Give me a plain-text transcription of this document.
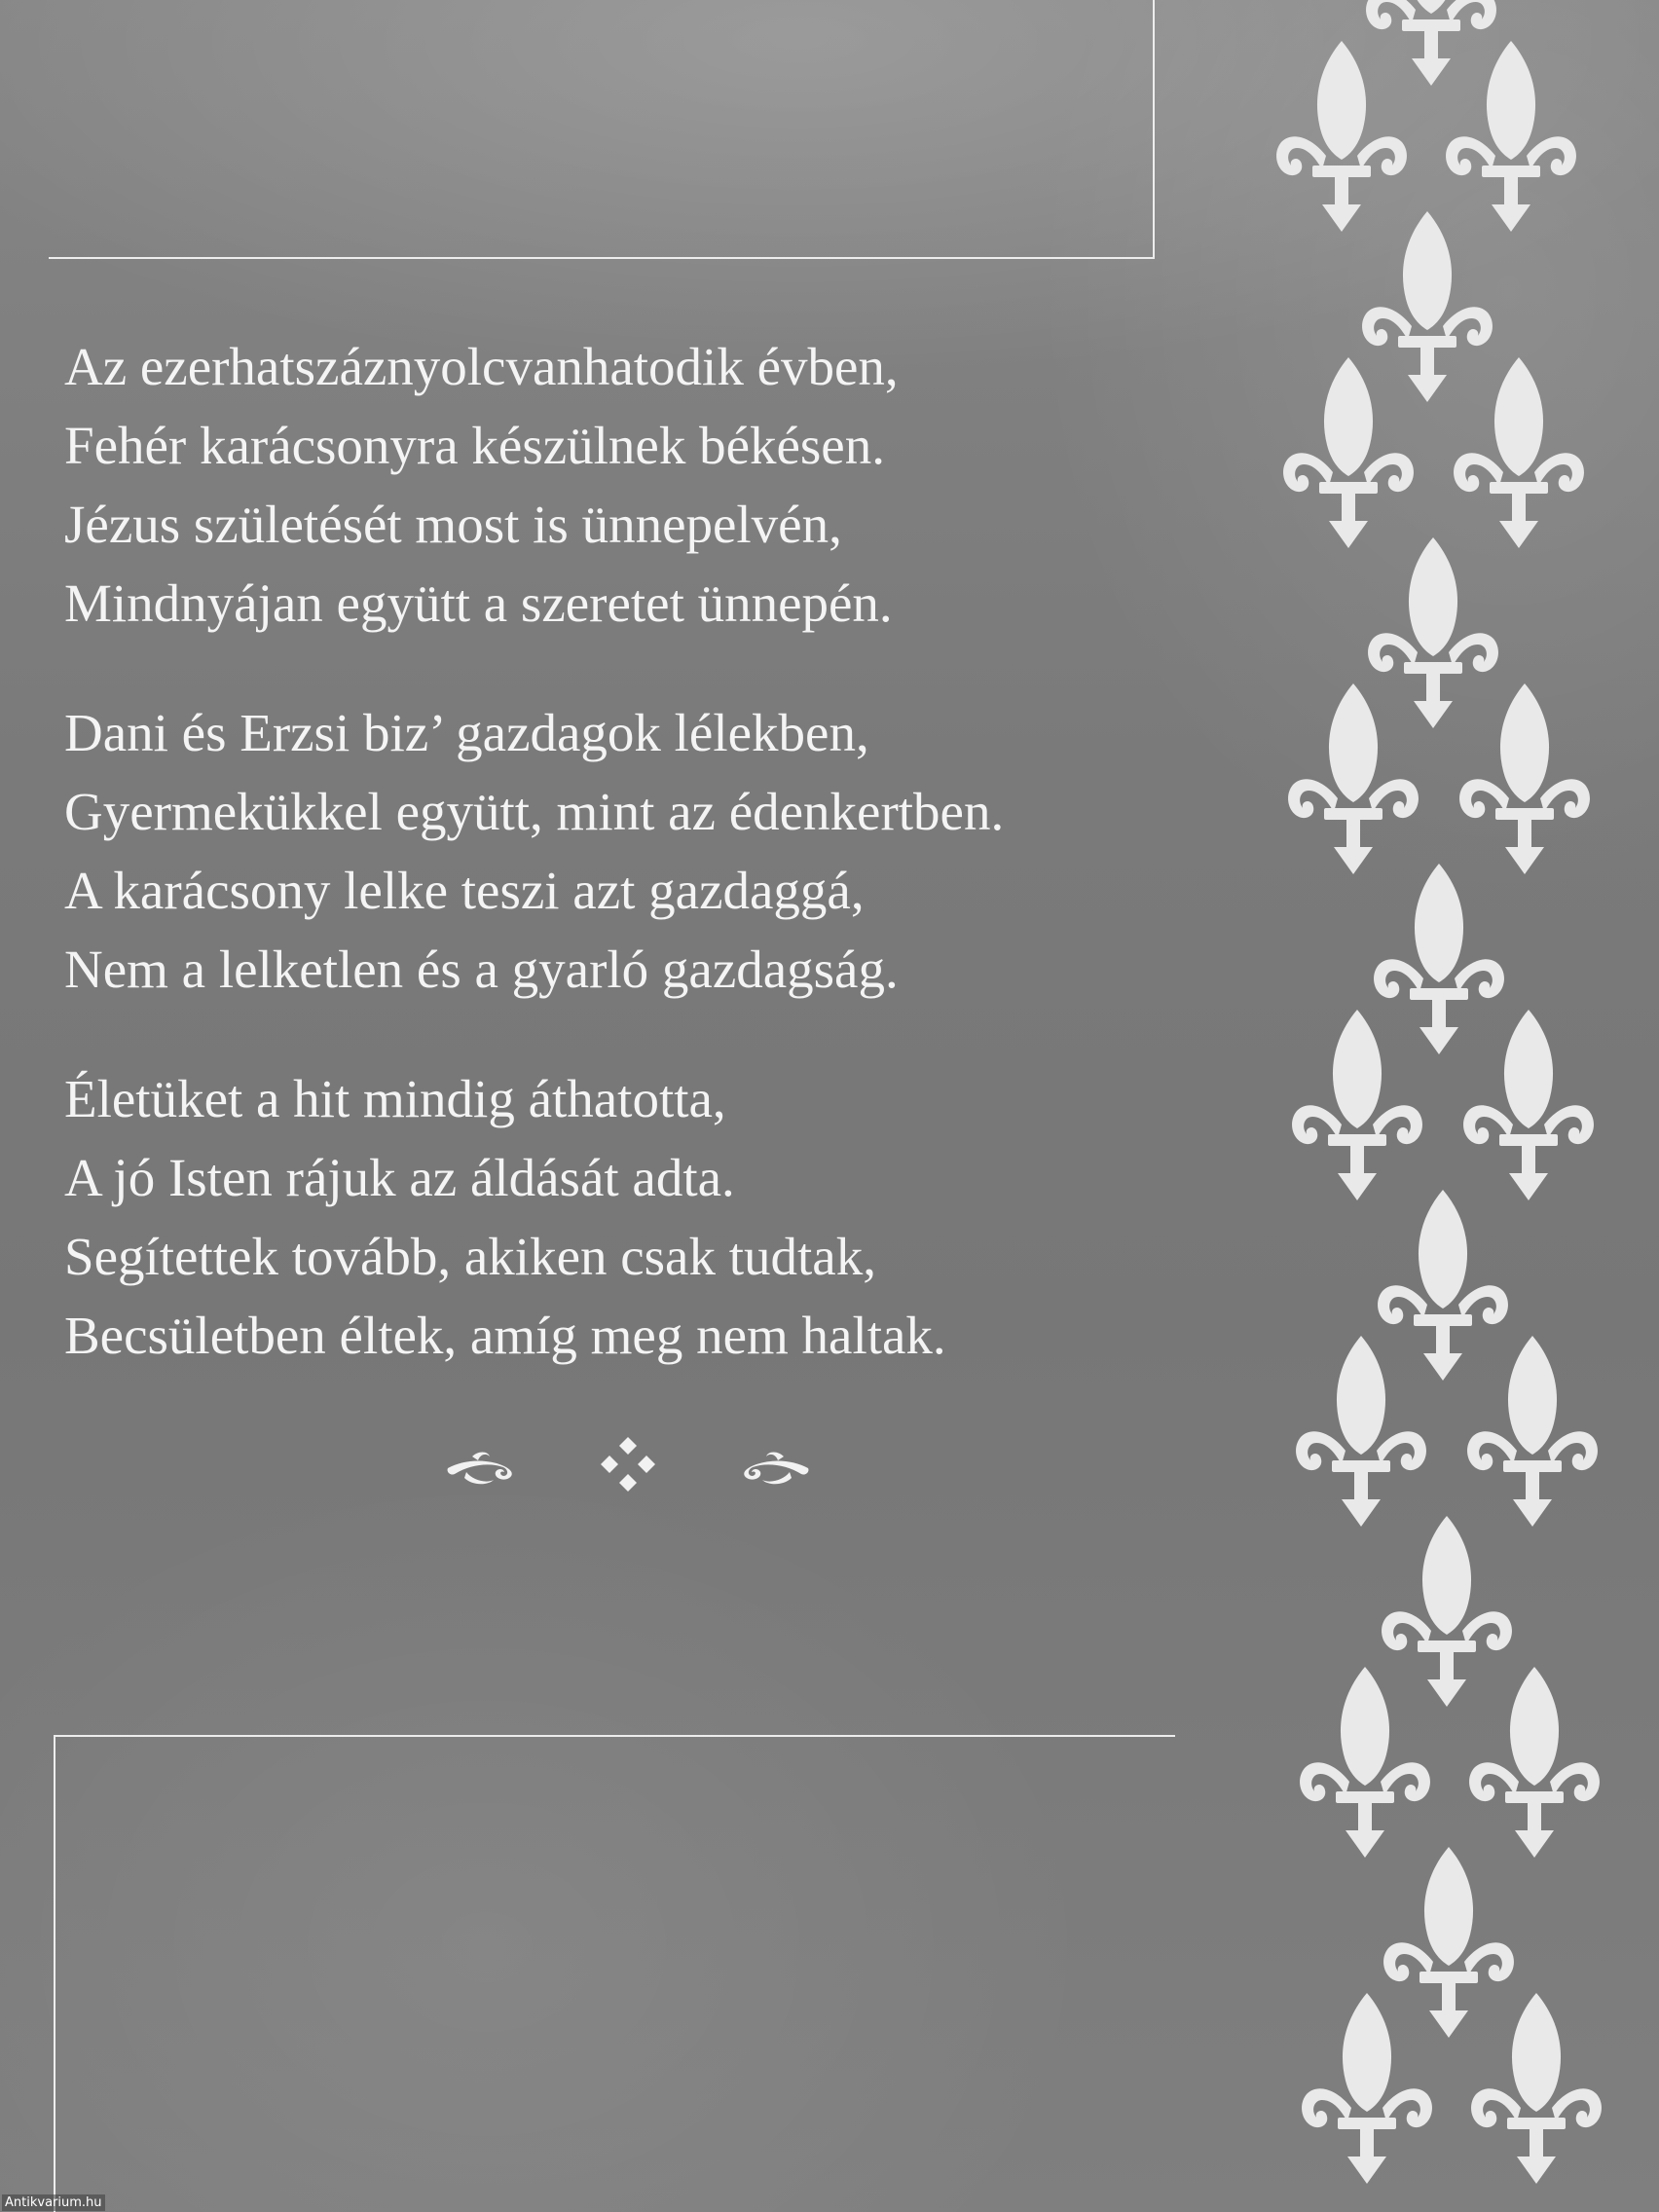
Az ezerhatszáznyolcvanhatodik évben,
Fehér karácsonyra készülnek békésen.
Jézus születését most is ünnepelvén,
Mindnyájan együtt a szeretet ünnepén.
Dani és Erzsi biz’ gazdagok lélekben,
Gyermekükkel együtt, mint az édenkertben.
A karácsony lelke teszi azt gazdaggá,
Nem a lelketlen és a gyarló gazdagság.
Életüket a hit mindig áthatotta,
A jó Isten rájuk az áldását adta.
Segítettek tovább, akiken csak tudtak,
Becsületben éltek, amíg meg nem haltak.
Antikvarium.hu
